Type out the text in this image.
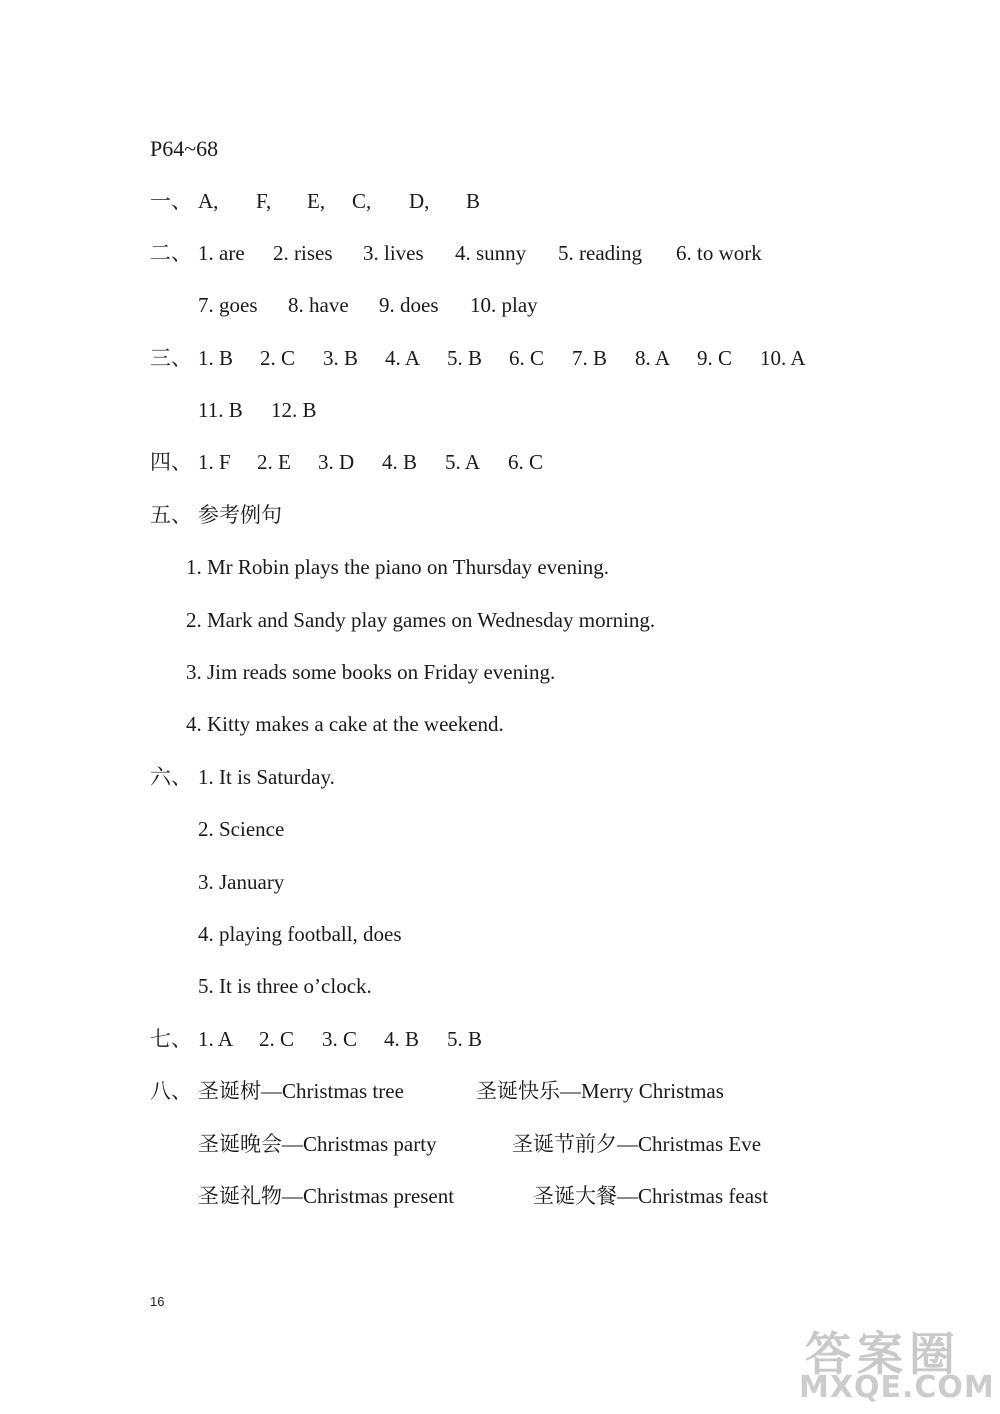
P64~68
一、 A, F, E, C, D, B
二、 1. are 2. rises 3. lives 4. sunny 5. reading 6. to work
7. goes 8. have 9. does 10. play
三、 1. B 2. C 3. B 4. A 5. B 6. C 7. B 8. A 9. C 10. A
11. B 12. B
四、 1. F 2. E 3. D 4. B 5. A 6. C
五、 参考例句
1. Mr Robin plays the piano on Thursday evening.
2. Mark and Sandy play games on Wednesday morning.
3. Jim reads some books on Friday evening.
4. Kitty makes a cake at the weekend.
六、 1. It is Saturday.
2. Science
3. January
4. playing football, does
5. It is three o’clock.
七、 1. A 2. C 3. C 4. B 5. B
八、 圣诞树—Christmas tree	圣诞快乐—Merry Christmas
圣诞晚会—Christmas party	圣诞节前夕—Christmas Eve
圣诞礼物—Christmas present	圣诞大餐—Christmas feast
16
答案圈
MXQE.COM
